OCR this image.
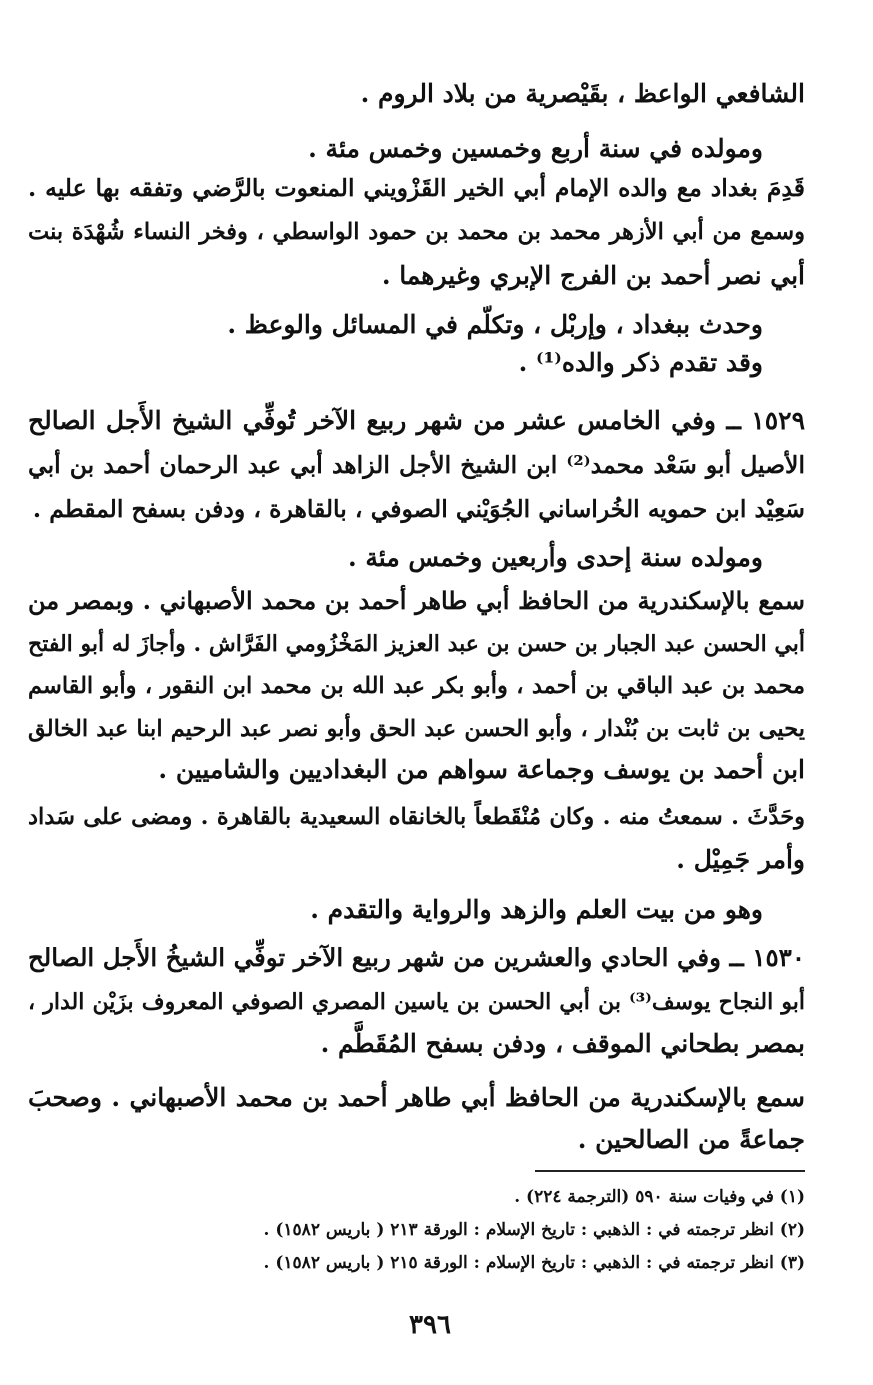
الشافعي الواعظ ، بقَيْصرية من بلاد الروم .
ومولده في سنة أربع وخمسين وخمس مئة .
قَدِمَ بغداد مع والده الإمام أبي الخير القَزْويني المنعوت بالرَّضي وتفقه بها عليه .
وسمع من أبي الأزهر محمد بن محمد بن حمود الواسطي ، وفخر النساء شُهْدَة بنت
أبي نصر أحمد بن الفرج الإبري وغيرهما .
وحدث ببغداد ، وإربْل ، وتكلّم في المسائل والوعظ .
وقد تقدم ذكر والده⁽¹⁾ .
١٥٢٩ ــ وفي الخامس عشر من شهر ربيع الآخر تُوفِّي الشيخ الأَجل الصالح
الأصيل أبو سَعْد محمد⁽²⁾ ابن الشيخ الأجل الزاهد أبي عبد الرحمان أحمد بن أبي
سَعِيْد ابن حمويه الخُراساني الجُوَيْني الصوفي ، بالقاهرة ، ودفن بسفح المقطم .
ومولده سنة إحدى وأربعين وخمس مئة .
سمع بالإسكندرية من الحافظ أبي طاهر أحمد بن محمد الأصبهاني . وبمصر من
أبي الحسن عبد الجبار بن حسن بن عبد العزيز المَخْزُومي الفَرَّاش . وأجازَ له أبو الفتح
محمد بن عبد الباقي بن أحمد ، وأبو بكر عبد الله بن محمد ابن النقور ، وأبو القاسم
يحيى بن ثابت بن بُنْدار ، وأبو الحسن عبد الحق وأبو نصر عبد الرحيم ابنا عبد الخالق
ابن أحمد بن يوسف وجماعة سواهم من البغداديين والشاميين .
وحَدَّثَ . سمعتُ منه . وكان مُنْقَطعاً بالخانقاه السعيدية بالقاهرة . ومضى على سَداد
وأمر جَمِيْل .
وهو من بيت العلم والزهد والرواية والتقدم .
١٥٣٠ ــ وفي الحادي والعشرين من شهر ربيع الآخر توفِّي الشيخُ الأَجل الصالح
أبو النجاح يوسف⁽³⁾ بن أبي الحسن بن ياسين المصري الصوفي المعروف بزَيْن الدار ،
بمصر بطحاني الموقف ، ودفن بسفح المُقَطَّم .
سمع بالإسكندرية من الحافظ أبي طاهر أحمد بن محمد الأصبهاني . وصحبَ
جماعةً من الصالحين .
(١) في وفيات سنة ٥٩٠ (الترجمة ٢٢٤) .
(٢) انظر ترجمته في : الذهبي : تاريخ الإسلام : الورقة ٢١٣ ( باريس ١٥٨٢) .
(٣) انظر ترجمته في : الذهبي : تاريخ الإسلام : الورقة ٢١٥ ( باريس ١٥٨٢) .
٣٩٦
